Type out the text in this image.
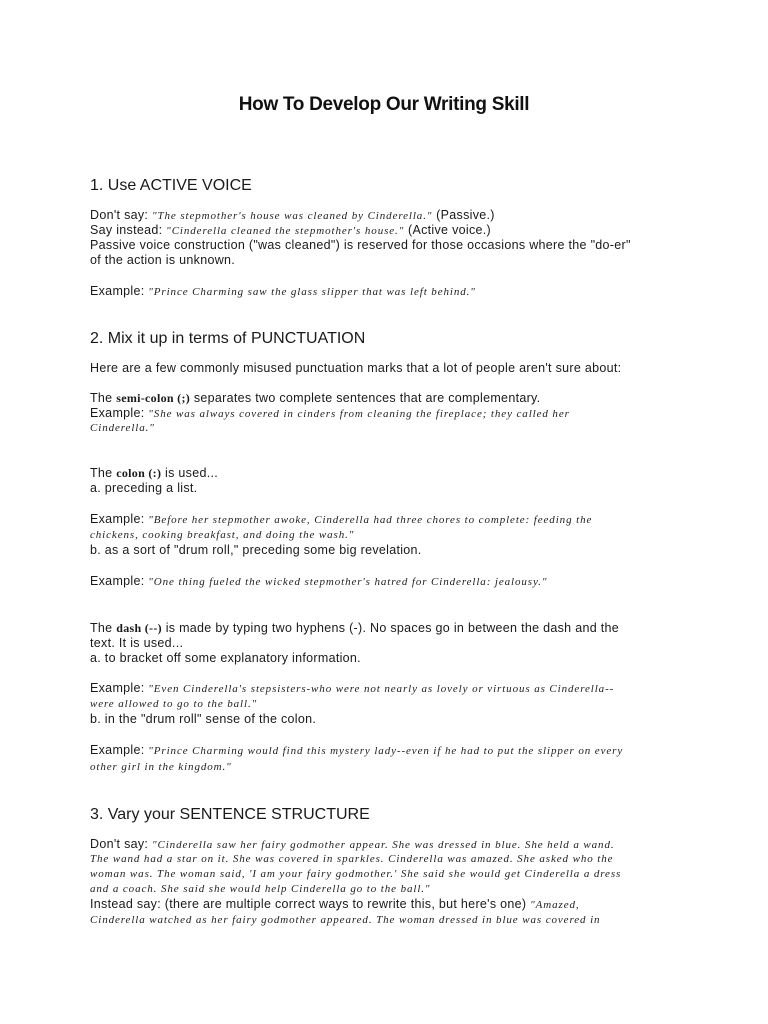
How To Develop Our Writing Skill
1. Use ACTIVE VOICE
Don't say: "The stepmother's house was cleaned by Cinderella." (Passive.)
Say instead: "Cinderella cleaned the stepmother's house." (Active voice.)
Passive voice construction ("was cleaned") is reserved for those occasions where the "do-er"
of the action is unknown.
Example: "Prince Charming saw the glass slipper that was left behind."
2. Mix it up in terms of PUNCTUATION
Here are a few commonly misused punctuation marks that a lot of people aren't sure about:
The semi-colon (;) separates two complete sentences that are complementary.
Example: "She was always covered in cinders from cleaning the fireplace; they called her
Cinderella."
The colon (:) is used...
a. preceding a list.
Example: "Before her stepmother awoke, Cinderella had three chores to complete: feeding the
chickens, cooking breakfast, and doing the wash."
b. as a sort of "drum roll," preceding some big revelation.
Example: "One thing fueled the wicked stepmother's hatred for Cinderella: jealousy."
The dash (--) is made by typing two hyphens (-). No spaces go in between the dash and the
text. It is used...
a. to bracket off some explanatory information.
Example: "Even Cinderella's stepsisters-who were not nearly as lovely or virtuous as Cinderella--
were allowed to go to the ball."
b. in the "drum roll" sense of the colon.
Example: "Prince Charming would find this mystery lady--even if he had to put the slipper on every
other girl in the kingdom."
3. Vary your SENTENCE STRUCTURE
Don't say: "Cinderella saw her fairy godmother appear. She was dressed in blue. She held a wand.
The wand had a star on it. She was covered in sparkles. Cinderella was amazed. She asked who the
woman was. The woman said, 'I am your fairy godmother.' She said she would get Cinderella a dress
and a coach. She said she would help Cinderella go to the ball."
Instead say: (there are multiple correct ways to rewrite this, but here's one) "Amazed,
Cinderella watched as her fairy godmother appeared. The woman dressed in blue was covered in
